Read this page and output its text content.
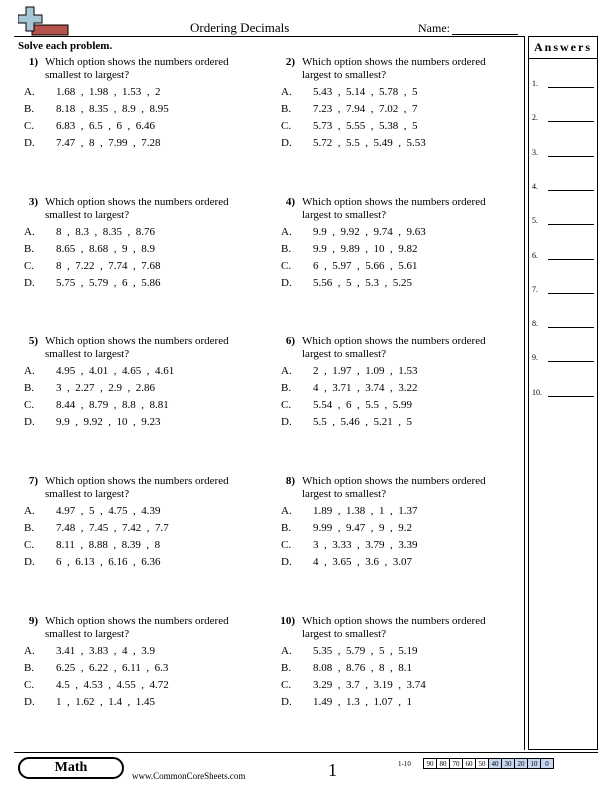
Ordering Decimals	Name:
Solve each problem.
1) Which option shows the numbers ordered smallest to largest?
A. 1.68  ,  1.98  ,  1.53  ,  2
B. 8.18  ,  8.35  ,  8.9  ,  8.95
C. 6.83  ,  6.5  ,  6  ,  6.46
D. 7.47  ,  8  ,  7.99  ,  7.28
2) Which option shows the numbers ordered largest to smallest?
A. 5.43  ,  5.14  ,  5.78  ,  5
B. 7.23  ,  7.94  ,  7.02  ,  7
C. 5.73  ,  5.55  ,  5.38  ,  5
D. 5.72  ,  5.5  ,  5.49  ,  5.53
3) Which option shows the numbers ordered smallest to largest?
A. 8  ,  8.3  ,  8.35  ,  8.76
B. 8.65  ,  8.68  ,  9  ,  8.9
C. 8  ,  7.22  ,  7.74  ,  7.68
D. 5.75  ,  5.79  ,  6  ,  5.86
4) Which option shows the numbers ordered largest to smallest?
A. 9.9  ,  9.92  ,  9.74  ,  9.63
B. 9.9  ,  9.89  ,  10  ,  9.82
C. 6  ,  5.97  ,  5.66  ,  5.61
D. 5.56  ,  5  ,  5.3  ,  5.25
5) Which option shows the numbers ordered smallest to largest?
A. 4.95  ,  4.01  ,  4.65  ,  4.61
B. 3  ,  2.27  ,  2.9  ,  2.86
C. 8.44  ,  8.79  ,  8.8  ,  8.81
D. 9.9  ,  9.92  ,  10  ,  9.23
6) Which option shows the numbers ordered largest to smallest?
A. 2  ,  1.97  ,  1.09  ,  1.53
B. 4  ,  3.71  ,  3.74  ,  3.22
C. 5.54  ,  6  ,  5.5  ,  5.99
D. 5.5  ,  5.46  ,  5.21  ,  5
7) Which option shows the numbers ordered smallest to largest?
A. 4.97  ,  5  ,  4.75  ,  4.39
B. 7.48  ,  7.45  ,  7.42  ,  7.7
C. 8.11  ,  8.88  ,  8.39  ,  8
D. 6  ,  6.13  ,  6.16  ,  6.36
8) Which option shows the numbers ordered largest to smallest?
A. 1.89  ,  1.38  ,  1  ,  1.37
B. 9.99  ,  9.47  ,  9  ,  9.2
C. 3  ,  3.33  ,  3.79  ,  3.39
D. 4  ,  3.65  ,  3.6  ,  3.07
9) Which option shows the numbers ordered smallest to largest?
A. 3.41  ,  3.83  ,  4  ,  3.9
B. 6.25  ,  6.22  ,  6.11  ,  6.3
C. 4.5  ,  4.53  ,  4.55  ,  4.72
D. 1  ,  1.62  ,  1.4  ,  1.45
10) Which option shows the numbers ordered largest to smallest?
A. 5.35  ,  5.79  ,  5  ,  5.19
B. 8.08  ,  8.76  ,  8  ,  8.1
C. 3.29  ,  3.7  ,  3.19  ,  3.74
D. 1.49  ,  1.3  ,  1.07  ,  1
Answers
1.
2.
3.
4.
5.
6.
7.
8.
9.
10.
Math
www.CommonCoreSheets.com	1	1-10	90 80 70 60 50 40 30 20 10	0
